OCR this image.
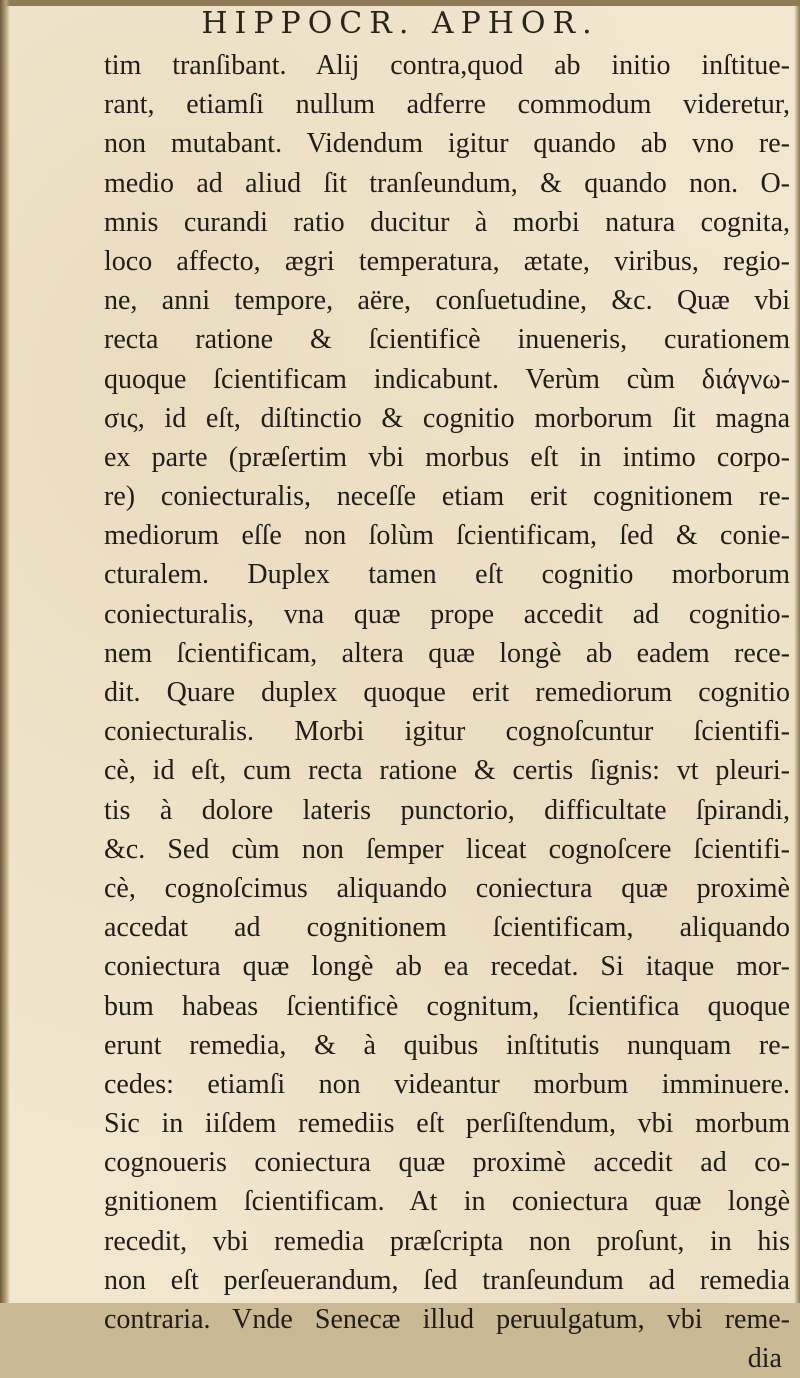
HIPPOCR. APHOR.
tim tranſibant. Alij contra,quod ab initio inſtitue-
rant, etiamſi nullum adferre commodum videretur,
non mutabant. Videndum igitur quando ab vno re-
medio ad aliud ſit tranſeundum, & quando non. O-
mnis curandi ratio ducitur à morbi natura cognita,
loco affecto, ægri temperatura, ætate, viribus, regio-
ne, anni tempore, aëre, conſuetudine, &c. Quæ vbi
recta ratione & ſcientificè inueneris, curationem
quoque ſcientificam indicabunt. Verùm cùm διάγνω-
σις, id eſt, diſtinctio & cognitio morborum ſit magna
ex parte (præſertim vbi morbus eſt in intimo corpo-
re) coniecturalis, neceſſe etiam erit cognitionem re-
mediorum eſſe non ſolùm ſcientificam, ſed & conie-
cturalem. Duplex tamen eſt cognitio morborum
coniecturalis, vna quæ prope accedit ad cognitio-
nem ſcientificam, altera quæ longè ab eadem rece-
dit. Quare duplex quoque erit remediorum cognitio
coniecturalis. Morbi igitur cognoſcuntur ſcientifi-
cè, id eſt, cum recta ratione & certis ſignis: vt pleuri-
tis à dolore lateris punctorio, difficultate ſpirandi,
&c. Sed cùm non ſemper liceat cognoſcere ſcientifi-
cè, cognoſcimus aliquando coniectura quæ proximè
accedat ad cognitionem ſcientificam, aliquando
coniectura quæ longè ab ea recedat. Si itaque mor-
bum habeas ſcientificè cognitum, ſcientifica quoque
erunt remedia, & à quibus inſtitutis nunquam re-
cedes: etiamſi non videantur morbum imminuere.
Sic in iiſdem remediis eſt perſiſtendum, vbi morbum
cognoueris coniectura quæ proximè accedit ad co-
gnitionem ſcientificam. At in coniectura quæ longè
recedit, vbi remedia præſcripta non proſunt, in his
non eſt perſeuerandum, ſed tranſeundum ad remedia
contraria. Vnde Senecæ illud peruulgatum, vbi reme-
dia
